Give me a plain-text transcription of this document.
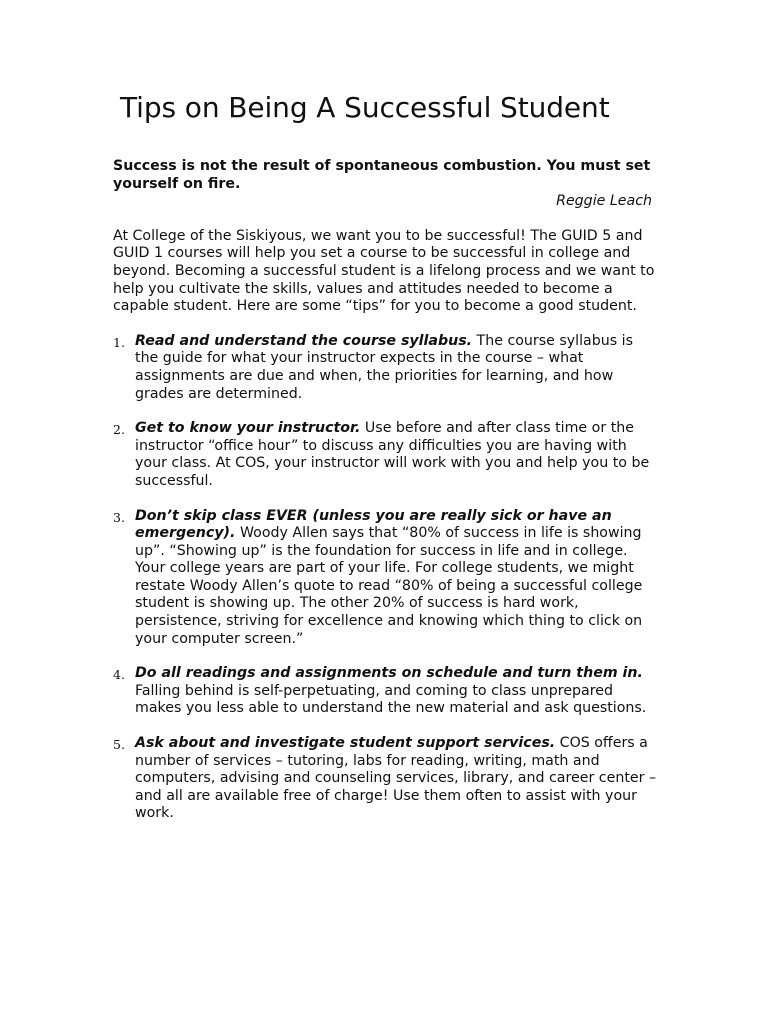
Tips on Being A Successful Student
Success is not the result of spontaneous combustion. You must set yourself on fire.
Reggie Leach

At College of the Siskiyous, we want you to be successful! The GUID 5 and GUID 1 courses will help you set a course to be successful in college and beyond. Becoming a successful student is a lifelong process and we want to help you cultivate the skills, values and attitudes needed to become a capable student. Here are some “tips” for you to become a good student.

1. Read and understand the course syllabus. The course syllabus is the guide for what your instructor expects in the course – what assignments are due and when, the priorities for learning, and how grades are determined.
2. Get to know your instructor. Use before and after class time or the instructor “office hour” to discuss any difficulties you are having with your class. At COS, your instructor will work with you and help you to be successful.
3. Don’t skip class EVER (unless you are really sick or have an emergency). Woody Allen says that “80% of success in life is showing up”. “Showing up” is the foundation for success in life and in college. Your college years are part of your life. For college students, we might restate Woody Allen’s quote to read “80% of being a successful college student is showing up. The other 20% of success is hard work, persistence, striving for excellence and knowing which thing to click on your computer screen.”
4. Do all readings and assignments on schedule and turn them in. Falling behind is self-perpetuating, and coming to class unprepared makes you less able to understand the new material and ask questions.
5. Ask about and investigate student support services. COS offers a number of services – tutoring, labs for reading, writing, math and computers, advising and counseling services, library, and career center – and all are available free of charge! Use them often to assist with your work.
